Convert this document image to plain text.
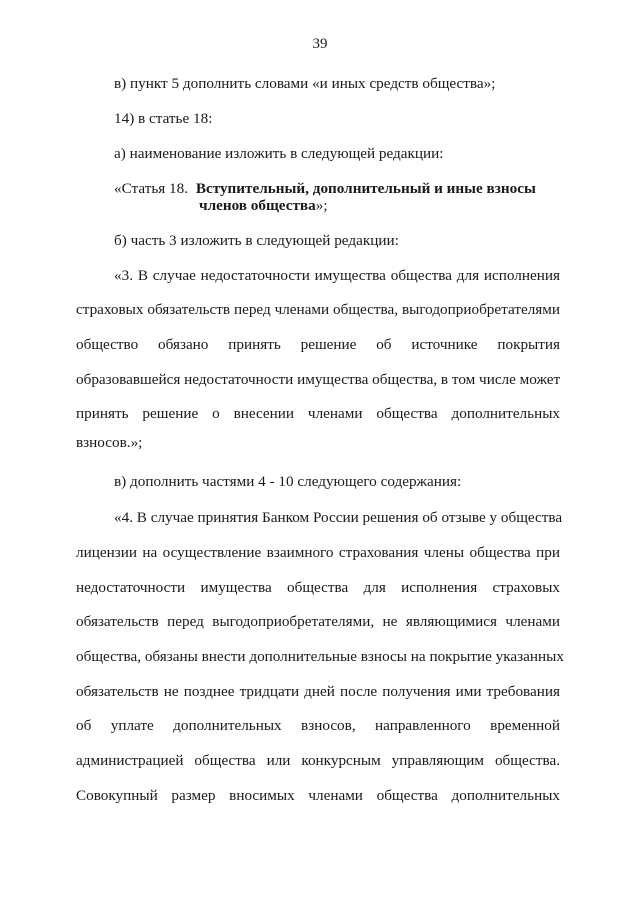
39
в) пункт 5 дополнить словами «и иных средств общества»;
14) в статье 18:
а) наименование изложить в следующей редакции:
«Статья 18. Вступительный, дополнительный и иные взносы
членов общества»;
б) часть 3 изложить в следующей редакции:
«3. В случае недостаточности имущества общества для исполнения
страховых обязательств перед членами общества, выгодоприобретателями
общество обязано принять решение об источнике покрытия
образовавшейся недостаточности имущества общества, в том числе может
принять решение о внесении членами общества дополнительных
взносов.»;
в) дополнить частями 4 - 10 следующего содержания:
«4. В случае принятия Банком России решения об отзыве у общества
лицензии на осуществление взаимного страхования члены общества при
недостаточности имущества общества для исполнения страховых
обязательств перед выгодоприобретателями, не являющимися членами
общества, обязаны внести дополнительные взносы на покрытие указанных
обязательств не позднее тридцати дней после получения ими требования
об уплате дополнительных взносов, направленного временной
администрацией общества или конкурсным управляющим общества.
Совокупный размер вносимых членами общества дополнительных
